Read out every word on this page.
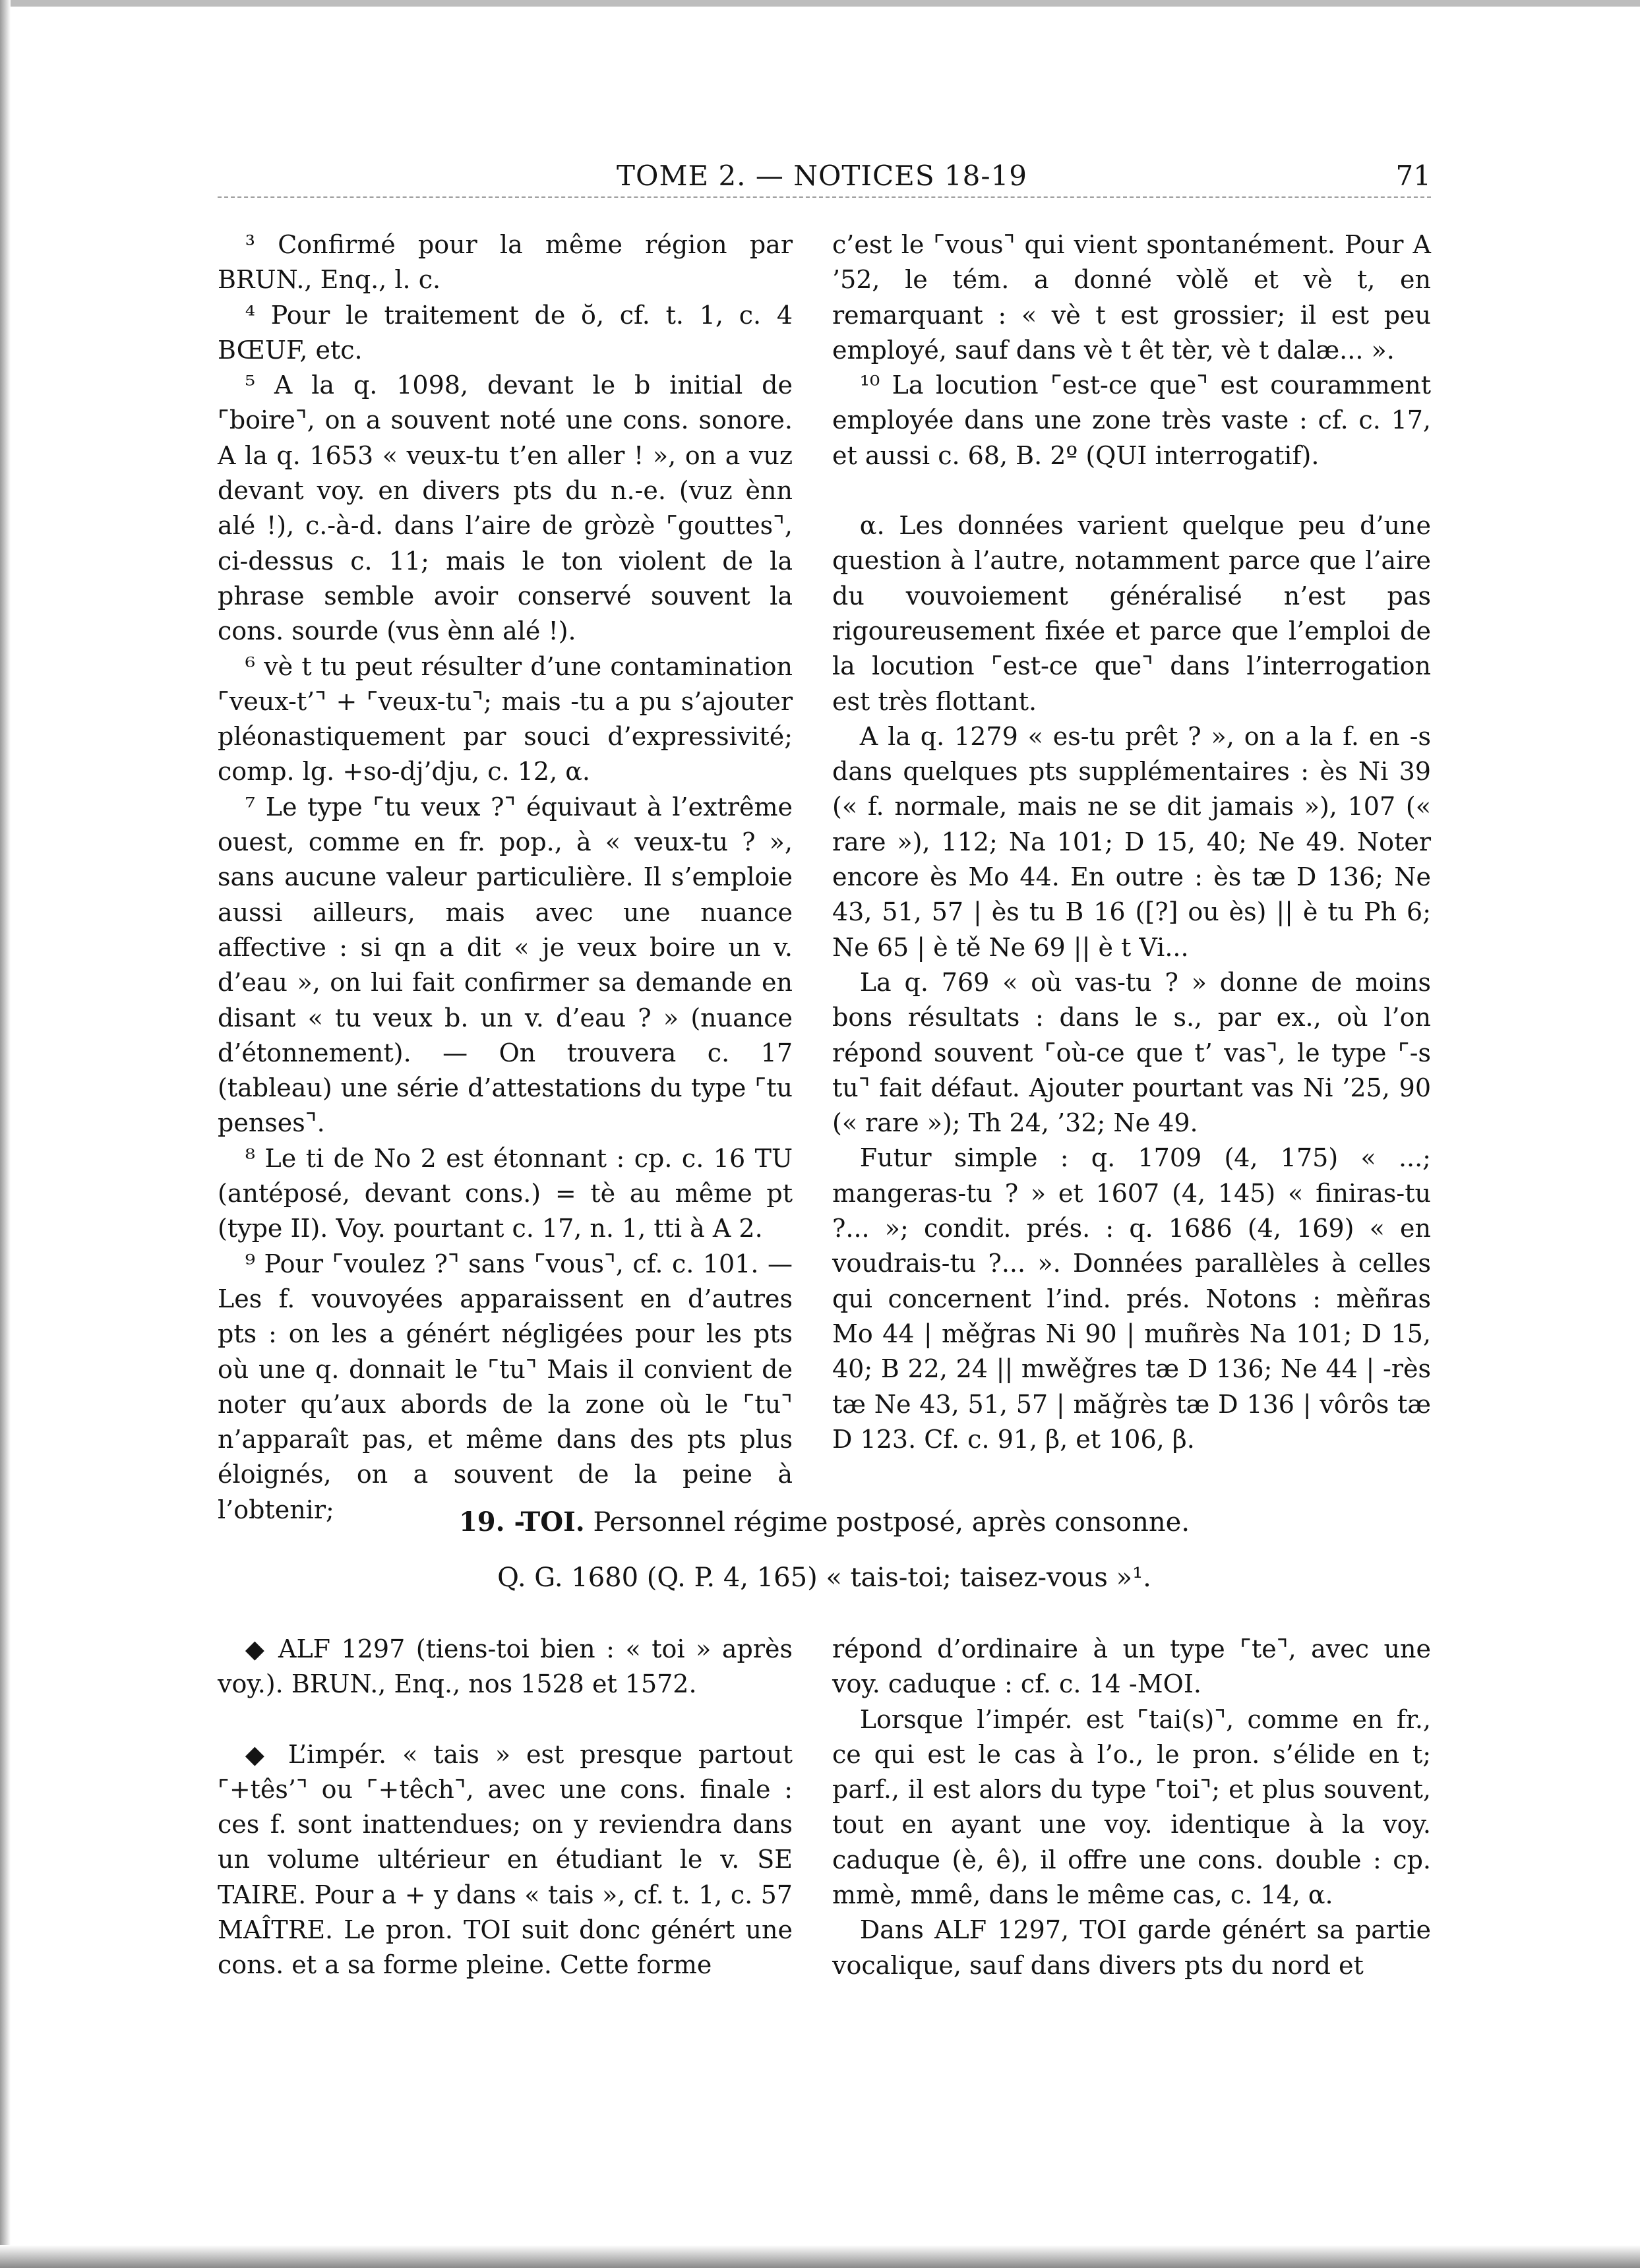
TOME 2. — NOTICES 18-19	71

³ Confirmé pour la même région par BRUN., Enq., l. c.

⁴ Pour le traitement de ŏ, cf. t. 1, c. 4 BŒUF, etc.

⁵ A la q. 1098, devant le b initial de ⌜boire⌝, on a souvent noté une cons. sonore. A la q. 1653 « veux-tu t’en aller ! », on a vuz devant voy. en divers pts du n.-e. (vuz ènn alé !), c.-à-d. dans l’aire de gròzè ⌜gouttes⌝, ci-dessus c. 11; mais le ton violent de la phrase semble avoir conservé souvent la cons. sourde (vus ènn alé !).

⁶ vè t tu peut résulter d’une contamination ⌜veux-t’⌝ + ⌜veux-tu⌝; mais -tu a pu s’ajouter pléonastiquement par souci d’expressivité; comp. lg. +so-dj’dju, c. 12, α.

⁷ Le type ⌜tu veux ?⌝ équivaut à l’extrême ouest, comme en fr. pop., à « veux-tu ? », sans aucune valeur particulière. Il s’emploie aussi ailleurs, mais avec une nuance affective : si qn a dit « je veux boire un v. d’eau », on lui fait confirmer sa demande en disant « tu veux b. un v. d’eau ? » (nuance d’étonnement). — On trouvera c. 17 (tableau) une série d’attestations du type ⌜tu penses⌝.

⁸ Le ti de No 2 est étonnant : cp. c. 16 TU (antéposé, devant cons.) = tè au même pt (type II). Voy. pourtant c. 17, n. 1, tti à A 2.

⁹ Pour ⌜voulez ?⌝ sans ⌜vous⌝, cf. c. 101. — Les f. vouvoyées apparaissent en d’autres pts : on les a génért négligées pour les pts où une q. donnait le ⌜tu⌝ Mais il convient de noter qu’aux abords de la zone où le ⌜tu⌝ n’apparaît pas, et même dans des pts plus éloignés, on a souvent de la peine à l’obtenir;

c’est le ⌜vous⌝ qui vient spontanément. Pour A ’52, le tém. a donné vòlě et vè t, en remarquant : « vè t est grossier; il est peu employé, sauf dans vè t êt tèr, vè t dalæ... ».

¹⁰ La locution ⌜est-ce que⌝ est couramment employée dans une zone très vaste : cf. c. 17, et aussi c. 68, B. 2º (QUI interrogatif).

α. Les données varient quelque peu d’une question à l’autre, notamment parce que l’aire du vouvoiement généralisé n’est pas rigoureusement fixée et parce que l’emploi de la locution ⌜est-ce que⌝ dans l’interrogation est très flottant.

A la q. 1279 « es-tu prêt ? », on a la f. en -s dans quelques pts supplémentaires : ès Ni 39 (« f. normale, mais ne se dit jamais »), 107 (« rare »), 112; Na 101; D 15, 40; Ne 49. Noter encore ès Mo 44. En outre : ès tæ D 136; Ne 43, 51, 57 | ès tu B 16 ([?] ou ès) || è tu Ph 6; Ne 65 | è tě Ne 69 || è t Vi...

La q. 769 « où vas-tu ? » donne de moins bons résultats : dans le s., par ex., où l’on répond souvent ⌜où-ce que t’ vas⌝, le type ⌜-s tu⌝ fait défaut. Ajouter pourtant vas Ni ’25, 90 (« rare »); Th 24, ’32; Ne 49.

Futur simple : q. 1709 (4, 175) « ...; mangeras-tu ? » et 1607 (4, 145) « finiras-tu ?... »; condit. prés. : q. 1686 (4, 169) « en voudrais-tu ?... ». Données parallèles à celles qui concernent l’ind. prés. Notons : mèñras Mo 44 | měǧras Ni 90 | muñrès Na 101; D 15, 40; B 22, 24 || mwěǧres tæ D 136; Ne 44 | -rès tæ Ne 43, 51, 57 | măǧrès tæ D 136 | vôrôs tæ D 123. Cf. c. 91, β, et 106, β.

19. -TOI. Personnel régime postposé, après consonne.
Q. G. 1680 (Q. P. 4, 165) « tais-toi; taisez-vous »¹.

◆ ALF 1297 (tiens-toi bien : « toi » après voy.). BRUN., Enq., nos 1528 et 1572.

◆ L’impér. « tais » est presque partout ⌜+tês’⌝ ou ⌜+têch⌝, avec une cons. finale : ces f. sont inattendues; on y reviendra dans un volume ultérieur en étudiant le v. SE TAIRE. Pour a + y dans « tais », cf. t. 1, c. 57 MAÎTRE. Le pron. TOI suit donc génért une cons. et a sa forme pleine. Cette forme

répond d’ordinaire à un type ⌜te⌝, avec une voy. caduque : cf. c. 14 -MOI.

Lorsque l’impér. est ⌜tai(s)⌝, comme en fr., ce qui est le cas à l’o., le pron. s’élide en t; parf., il est alors du type ⌜toi⌝; et plus souvent, tout en ayant une voy. identique à la voy. caduque (è, ê), il offre une cons. double : cp. mmè, mmê, dans le même cas, c. 14, α.

Dans ALF 1297, TOI garde génért sa partie vocalique, sauf dans divers pts du nord et
